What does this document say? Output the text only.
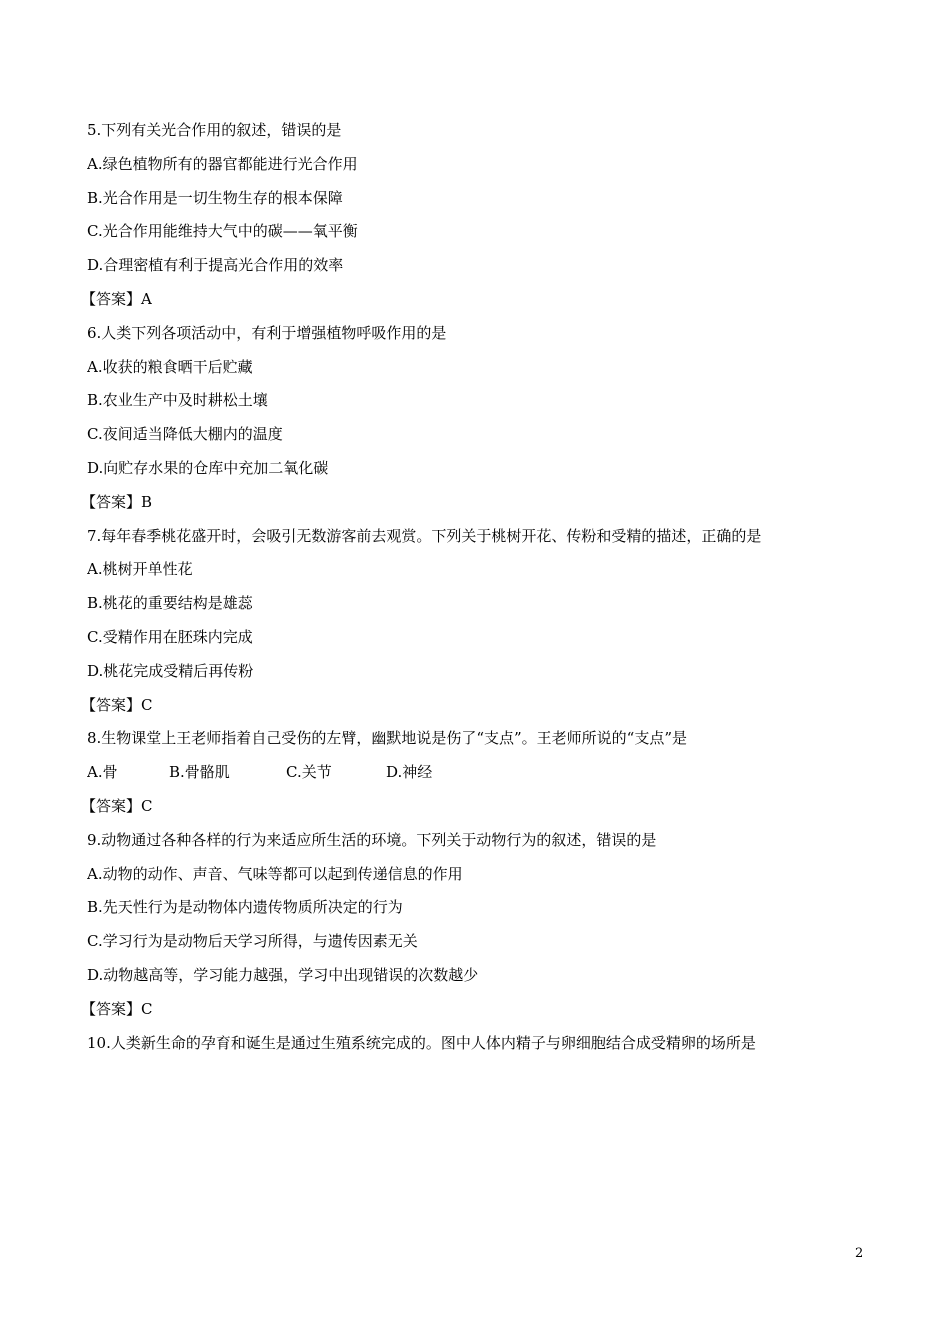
5.下列有关光合作用的叙述，错误的是
A.绿色植物所有的器官都能进行光合作用
B.光合作用是一切生物生存的根本保障
C.光合作用能维持大气中的碳——氧平衡
D.合理密植有利于提高光合作用的效率
【答案】A
6.人类下列各项活动中，有利于增强植物呼吸作用的是
A.收获的粮食晒干后贮藏
B.农业生产中及时耕松土壤
C.夜间适当降低大棚内的温度
D.向贮存水果的仓库中充加二氧化碳
【答案】B
7.每年春季桃花盛开时，会吸引无数游客前去观赏。下列关于桃树开花、传粉和受精的描述，正确的是
A.桃树开单性花
B.桃花的重要结构是雄蕊
C.受精作用在胚珠内完成
D.桃花完成受精后再传粉
【答案】C
8.生物课堂上王老师指着自己受伤的左臂，幽默地说是伤了“支点”。王老师所说的“支点”是
A.骨	B.骨骼肌	C.关节	D.神经
【答案】C
9.动物通过各种各样的行为来适应所生活的环境。下列关于动物行为的叙述，错误的是
A.动物的动作、声音、气味等都可以起到传递信息的作用
B.先天性行为是动物体内遗传物质所决定的行为
C.学习行为是动物后天学习所得，与遗传因素无关
D.动物越高等，学习能力越强，学习中出现错误的次数越少
【答案】C
10.人类新生命的孕育和诞生是通过生殖系统完成的。图中人体内精子与卵细胞结合成受精卵的场所是
2
